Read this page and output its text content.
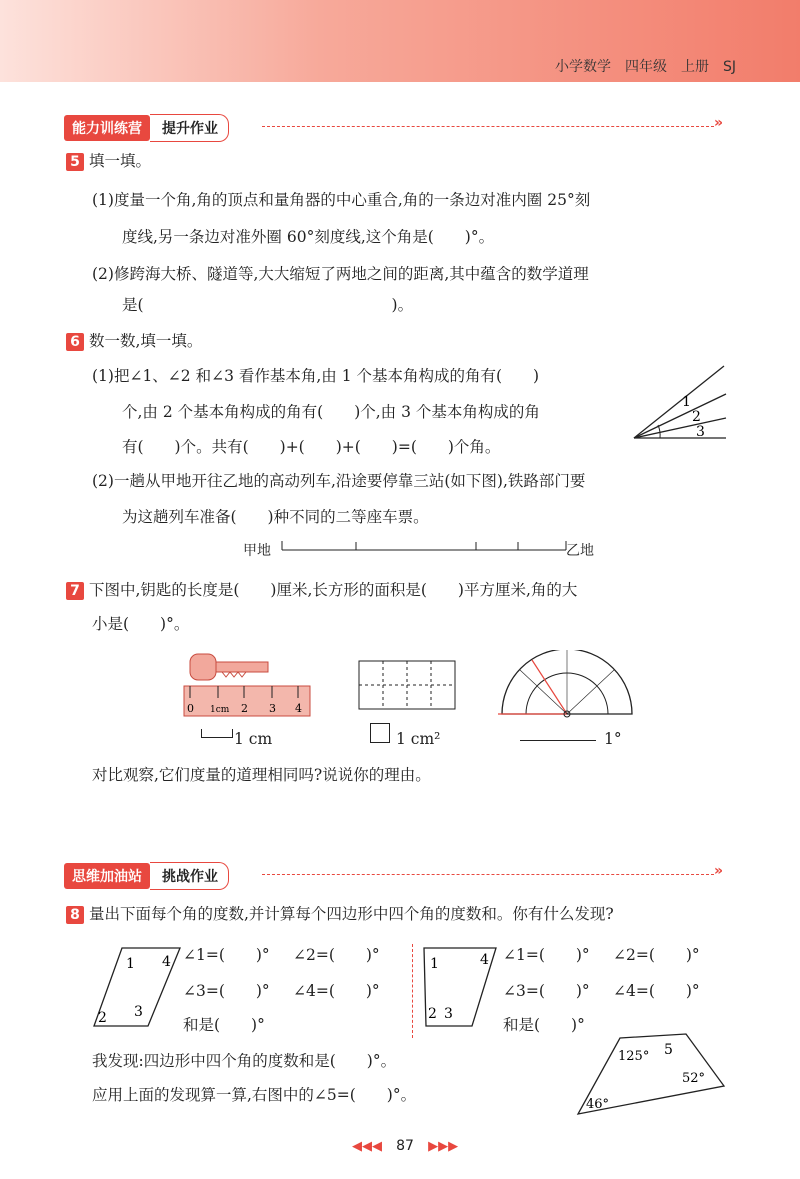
小学数学 四年级 上册 SJ
能力训练营 提升作业	»
5 填一填。
(1)度量一个角,角的顶点和量角器的中心重合,角的一条边对准内圈 25°刻
度线,另一条边对准外圈 60°刻度线,这个角是(　　)°。
(2)修跨海大桥、隧道等,大大缩短了两地之间的距离,其中蕴含的数学道理
是(　　　　　　　　　　　　　　　　)。
6 数一数,填一填。
(1)把∠1、∠2 和∠3 看作基本角,由 1 个基本角构成的角有(　　)
个,由 2 个基本角构成的角有(　　)个,由 3 个基本角构成的角
有(　　)个。共有(　　)+(　　)+(　　)=(　　)个角。
1
2
3
(2)一趟从甲地开往乙地的高动列车,沿途要停靠三站(如下图),铁路部门要
为这趟列车准备(　　)种不同的二等座车票。
甲地	乙地
7 下图中,钥匙的长度是(　　)厘米,长方形的面积是(　　)平方厘米,角的大
小是(　　)°。
0 1cm 2 3 4
1 cm	1 cm²	1°
对比观察,它们度量的道理相同吗?说说你的理由。
思维加油站 挑战作业	»
8 量出下面每个角的度数,并计算每个四边形中四个角的度数和。你有什么发现?
1 4
2 3
∠1=(　　)° ∠2=(　　)°
∠3=(　　)° ∠4=(　　)°
和是(　　)°
1	4
2 3
∠1=(　　)° ∠2=(　　)°
∠3=(　　)° ∠4=(　　)°
和是(　　)°
我发现:四边形中四个角的度数和是(　　)°。
应用上面的发现算一算,右图中的∠5=(　　)°。
125° 5
52°
46°
◀◀◀ 87 ▶▶▶
